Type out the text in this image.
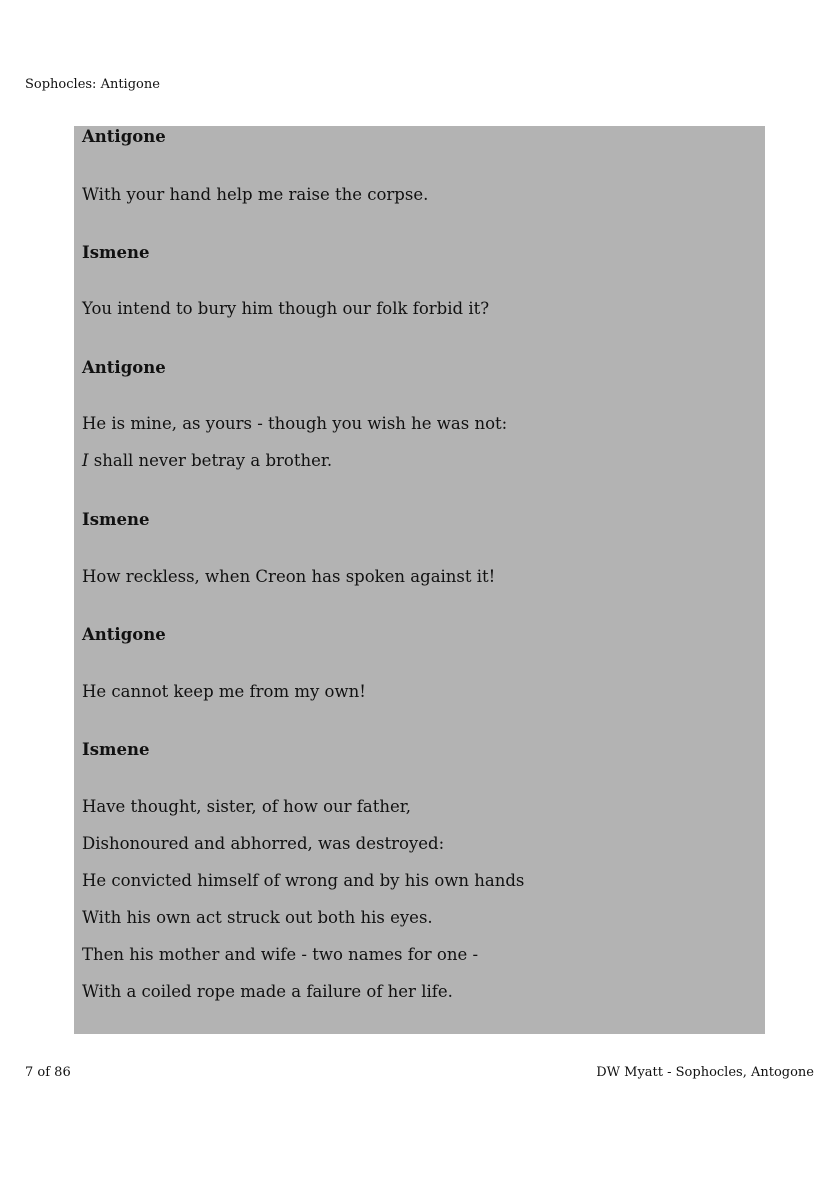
Sophocles: Antigone

Antigone

With your hand help me raise the corpse.

Ismene

You intend to bury him though our folk forbid it?

Antigone

He is mine, as yours - though you wish he was not:

I shall never betray a brother.

Ismene

How reckless, when Creon has spoken against it!

Antigone

He cannot keep me from my own!

Ismene

Have thought, sister, of how our father,

Dishonoured and abhorred, was destroyed:

He convicted himself of wrong and by his own hands

With his own act struck out both his eyes.

Then his mother and wife - two names for one -

With a coiled rope made a failure of her life.

7 of 86	DW Myatt - Sophocles, Antogone
